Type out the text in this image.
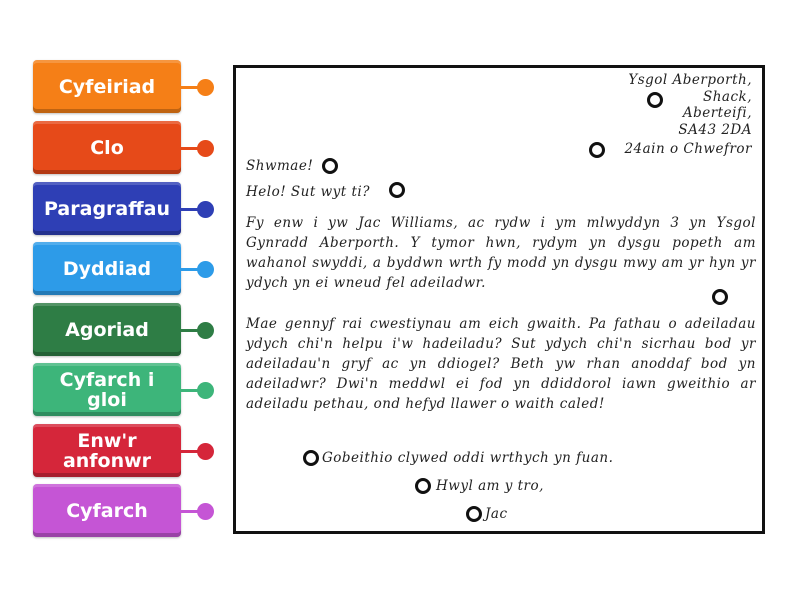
Cyfeiriad
Clo
Paragraffau
Dyddiad
Agoriad
Cyfarch i gloi
Enw'r anfonwr
Cyfarch
Ysgol Aberporth,
Shack,
Aberteifi,
SA43 2DA
24ain o Chwefror
Shwmae!
Helo! Sut wyt ti?
Fy enw i yw Jac Williams, ac rydw i ym mlwyddyn 3 yn Ysgol Gynradd Aberporth. Y tymor hwn, rydym yn dysgu popeth am wahanol swyddi, a byddwn wrth fy modd yn dysgu mwy am yr hyn yr ydych yn ei wneud fel adeiladwr.
Mae gennyf rai cwestiynau am eich gwaith. Pa fathau o adeiladau ydych chi'n helpu i'w hadeiladu? Sut ydych chi'n sicrhau bod yr adeiladau'n gryf ac yn ddiogel? Beth yw rhan anoddaf bod yn adeiladwr? Dwi'n meddwl ei fod yn ddiddorol iawn gweithio ar adeiladu pethau, ond hefyd llawer o waith caled!
Gobeithio clywed oddi wrthych yn fuan.
Hwyl am y tro,
Jac
